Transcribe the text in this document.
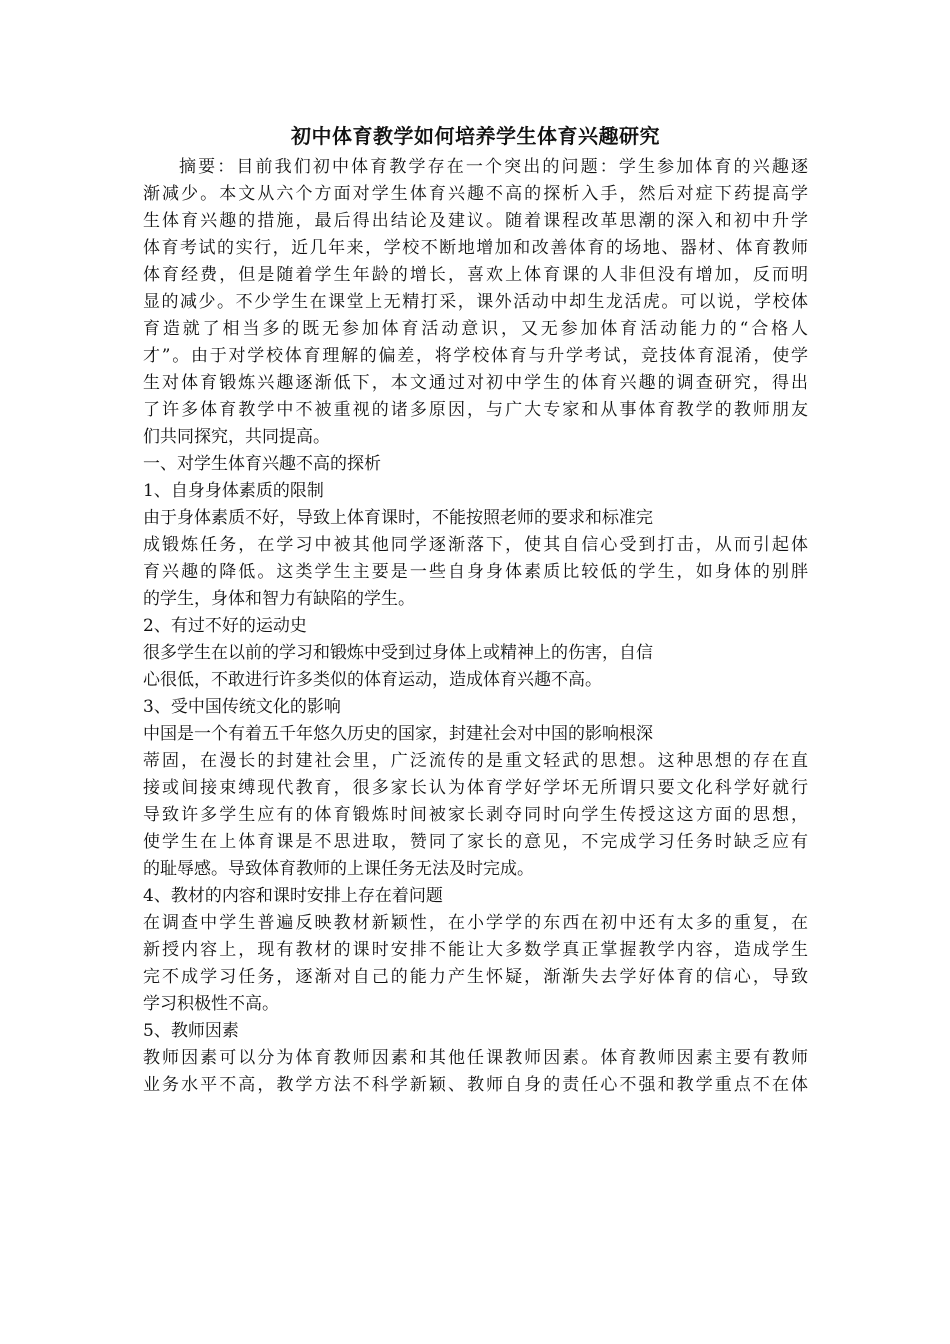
初中体育教学如何培养学生体育兴趣研究
摘要：目前我们初中体育教学存在一个突出的问题：学生参加体育的兴趣逐
渐减少。本文从六个方面对学生体育兴趣不高的探析入手，然后对症下药提高学
生体育兴趣的措施，最后得出结论及建议。随着课程改革思潮的深入和初中升学
体育考试的实行，近几年来，学校不断地增加和改善体育的场地、器材、体育教师
体育经费，但是随着学生年龄的增长，喜欢上体育课的人非但没有增加，反而明
显的减少。不少学生在课堂上无精打采，课外活动中却生龙活虎。可以说，学校体
育造就了相当多的既无参加体育活动意识，又无参加体育活动能力的“合格人
才”。由于对学校体育理解的偏差，将学校体育与升学考试，竞技体育混淆，使学
生对体育锻炼兴趣逐渐低下，本文通过对初中学生的体育兴趣的调查研究，得出
了许多体育教学中不被重视的诸多原因，与广大专家和从事体育教学的教师朋友
们共同探究，共同提高。
一、对学生体育兴趣不高的探析
1、自身身体素质的限制
由于身体素质不好，导致上体育课时，不能按照老师的要求和标准完
成锻炼任务，在学习中被其他同学逐渐落下，使其自信心受到打击，从而引起体
育兴趣的降低。这类学生主要是一些自身身体素质比较低的学生，如身体的别胖
的学生，身体和智力有缺陷的学生。
2、有过不好的运动史
很多学生在以前的学习和锻炼中受到过身体上或精神上的伤害，自信
心很低，不敢进行许多类似的体育运动，造成体育兴趣不高。
3、受中国传统文化的影响
中国是一个有着五千年悠久历史的国家，封建社会对中国的影响根深
蒂固，在漫长的封建社会里，广泛流传的是重文轻武的思想。这种思想的存在直
接或间接束缚现代教育，很多家长认为体育学好学坏无所谓只要文化科学好就行
导致许多学生应有的体育锻炼时间被家长剥夺同时向学生传授这这方面的思想，
使学生在上体育课是不思进取，赞同了家长的意见，不完成学习任务时缺乏应有
的耻辱感。导致体育教师的上课任务无法及时完成。
4、教材的内容和课时安排上存在着问题
在调查中学生普遍反映教材新颖性，在小学学的东西在初中还有太多的重复，在
新授内容上，现有教材的课时安排不能让大多数学真正掌握教学内容，造成学生
完不成学习任务，逐渐对自己的能力产生怀疑，渐渐失去学好体育的信心，导致
学习积极性不高。
5、教师因素
教师因素可以分为体育教师因素和其他任课教师因素。体育教师因素主要有教师
业务水平不高，教学方法不科学新颖、教师自身的责任心不强和教学重点不在体
